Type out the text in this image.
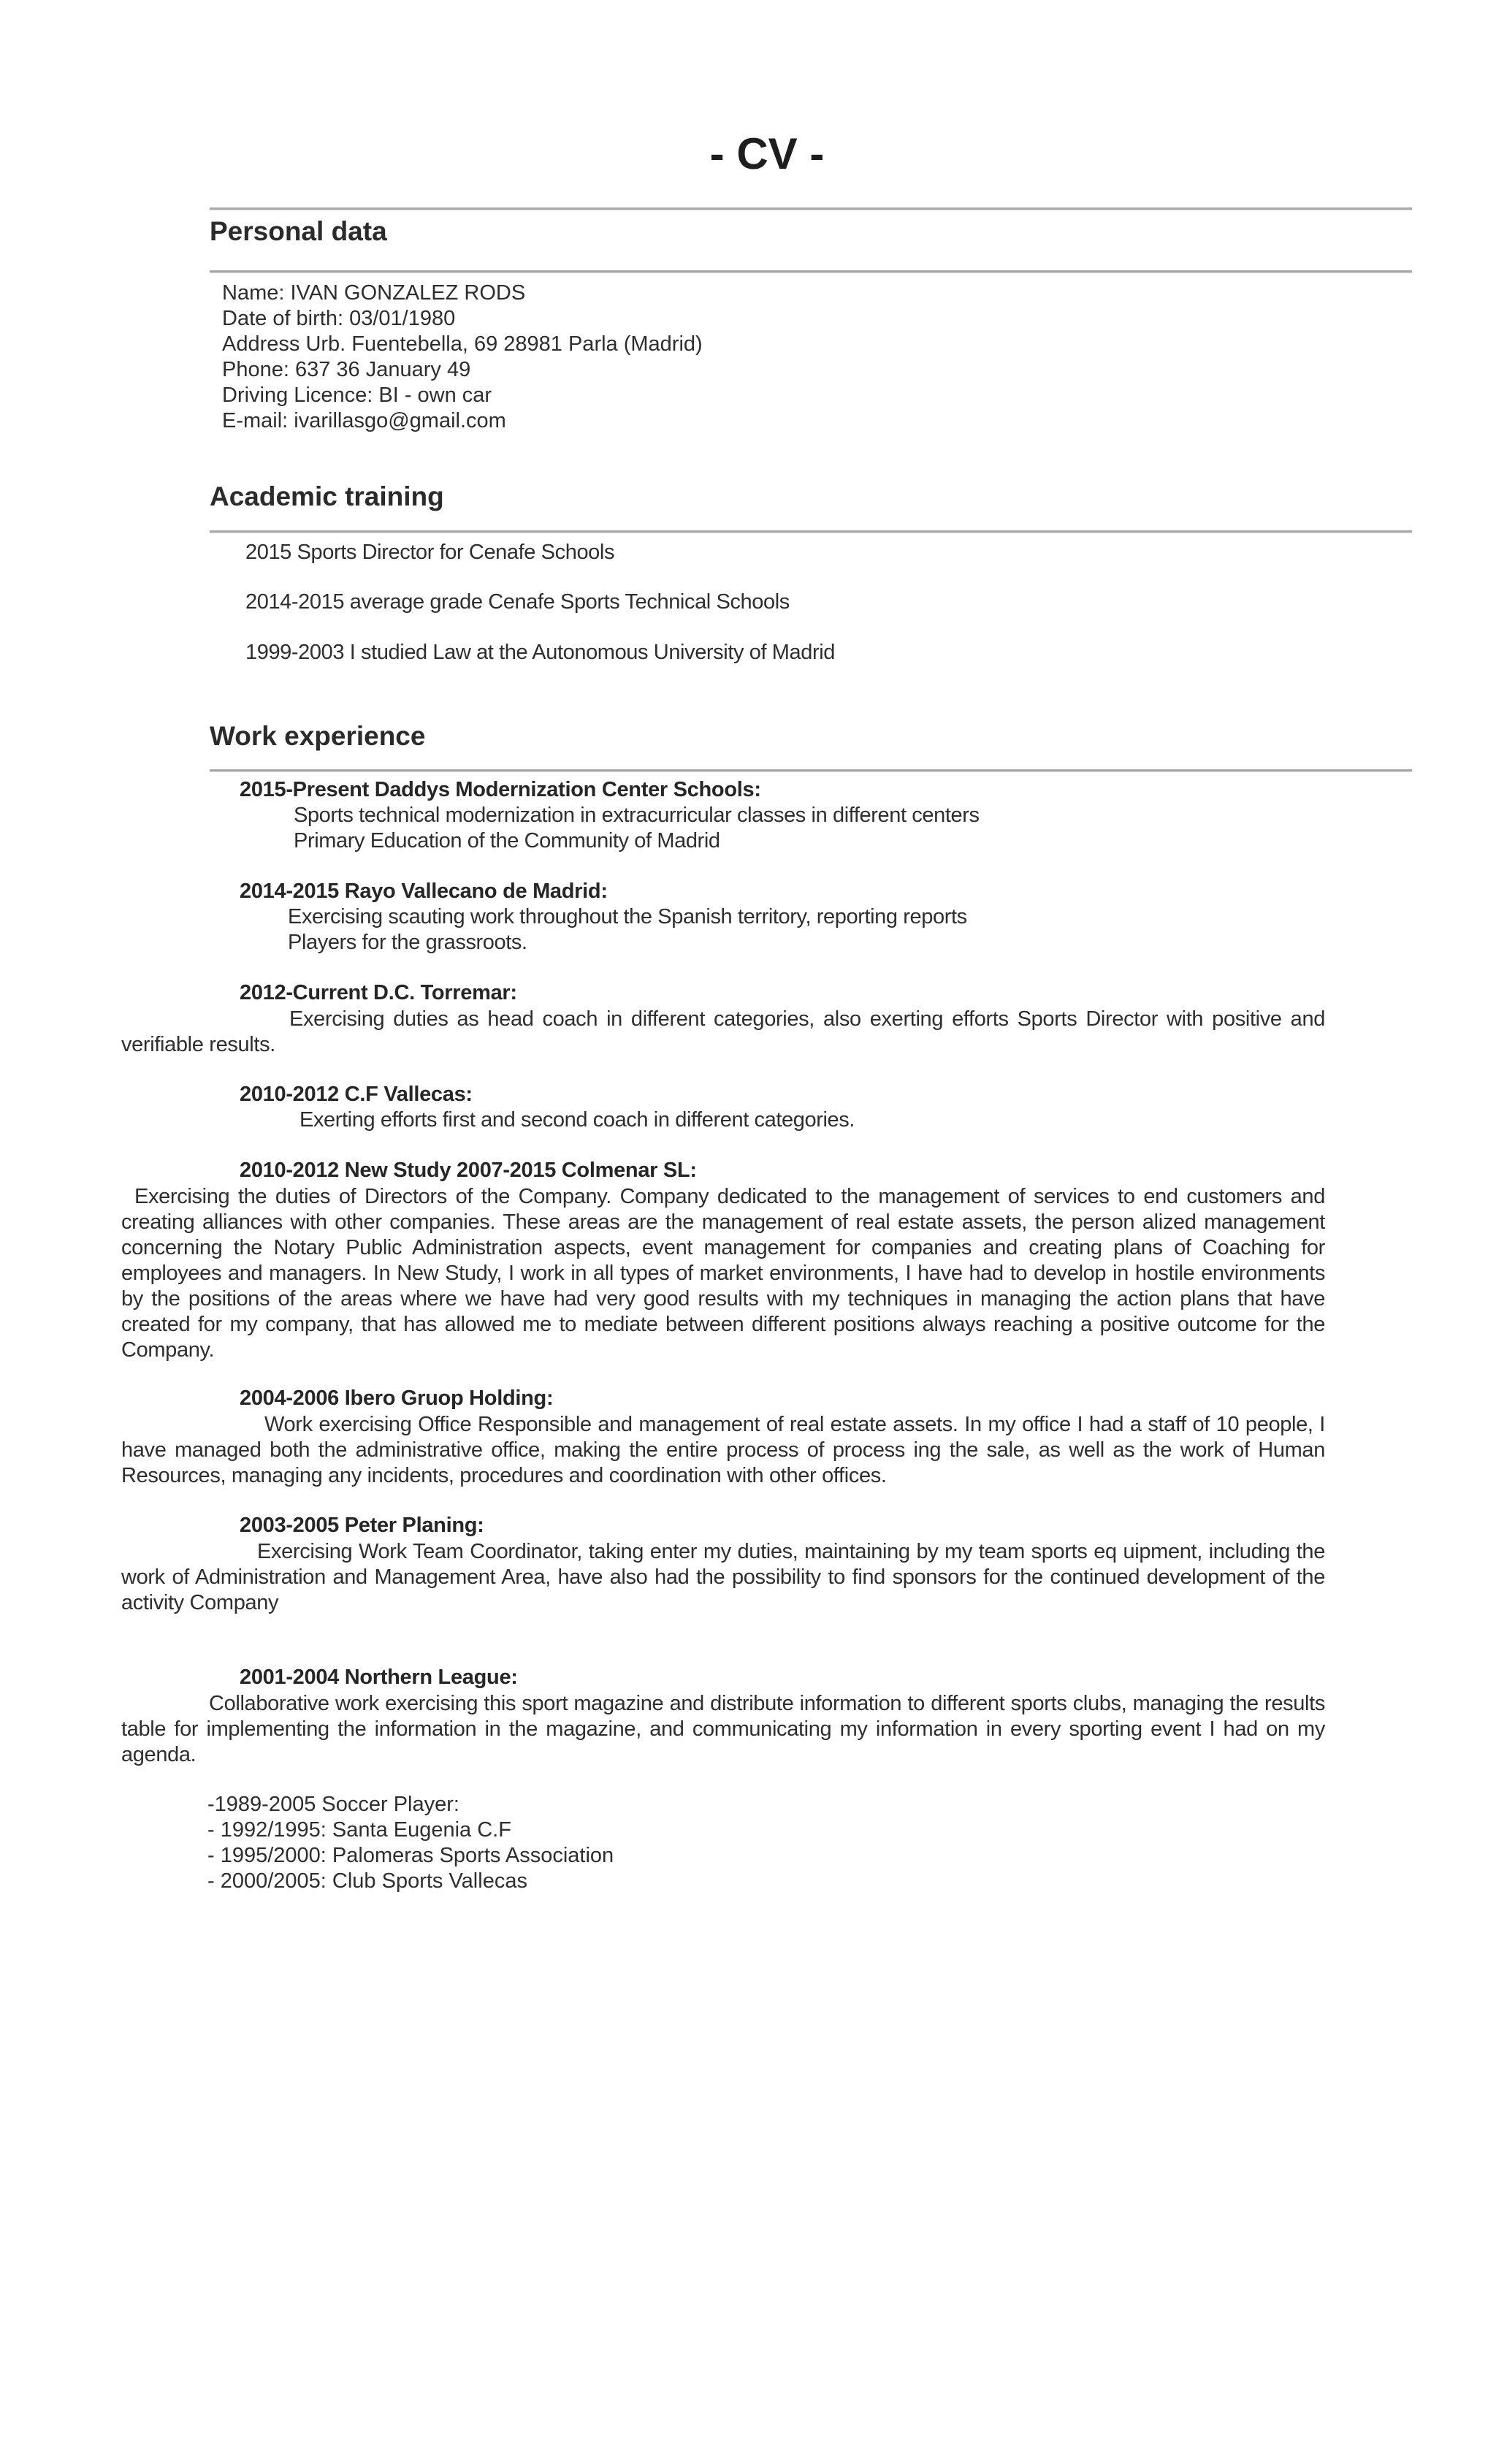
- CV -
Personal data
Name: IVAN GONZALEZ RODS
Date of birth: 03/01/1980
Address Urb. Fuentebella, 69 28981 Parla (Madrid)
Phone: 637 36 January 49
Driving Licence: BI - own car
E-mail: ivarillasgo@gmail.com
Academic training
2015 Sports Director for Cenafe Schools
2014-2015 average grade Cenafe Sports Technical Schools
1999-2003 I studied Law at the Autonomous University of Madrid
Work experience
2015-Present Daddys Modernization Center Schools:
Sports technical modernization in extracurricular classes in different centers
Primary Education of the Community of Madrid
2014-2015 Rayo Vallecano de Madrid:
Exercising scauting work throughout the Spanish territory, reporting reports
Players for the grassroots.
2012-Current D.C. Torremar:

Exercising duties as head coach in different categories, also exerting efforts Sports Director with positive and verifiable results.

2010-2012 C.F Vallecas:
Exerting efforts first and second coach in different categories.
2010-2012 New Study 2007-2015 Colmenar SL:

Exercising the duties of Directors of the Company. Company dedicated to the management of services to end customers and creating alliances with other companies. These areas are the management of real estate assets, the person alized management concerning the Notary Public Administration aspects, event management for companies and creating plans of Coaching for employees and managers. In New Study, I work in all types of market environments, I have had to develop in hostile environments by the positions of the areas where we have had very good results with my techniques in managing the action plans that have created for my company, that has allowed me to mediate between different positions always reaching a positive outcome for the Company.

2004-2006 Ibero Gruop Holding:

Work exercising Office Responsible and management of real estate assets. In my office I had a staff of 10 people, I have managed both the administrative office, making the entire process of process ing the sale, as well as the work of Human Resources, managing any incidents, procedures and coordination with other offices.

2003-2005 Peter Planing:

Exercising Work Team Coordinator, taking enter my duties, maintaining by my team sports eq uipment, including the work of Administration and Management Area, have also had the possibility to find sponsors for the continued development of the activity Company

2001-2004 Northern League:

Collaborative work exercising this sport magazine and distribute information to different sports clubs, managing the results table for implementing the information in the magazine, and communicating my information in every sporting event I had on my agenda.

-1989-2005 Soccer Player:
- 1992/1995: Santa Eugenia C.F
- 1995/2000: Palomeras Sports Association
- 2000/2005: Club Sports Vallecas
